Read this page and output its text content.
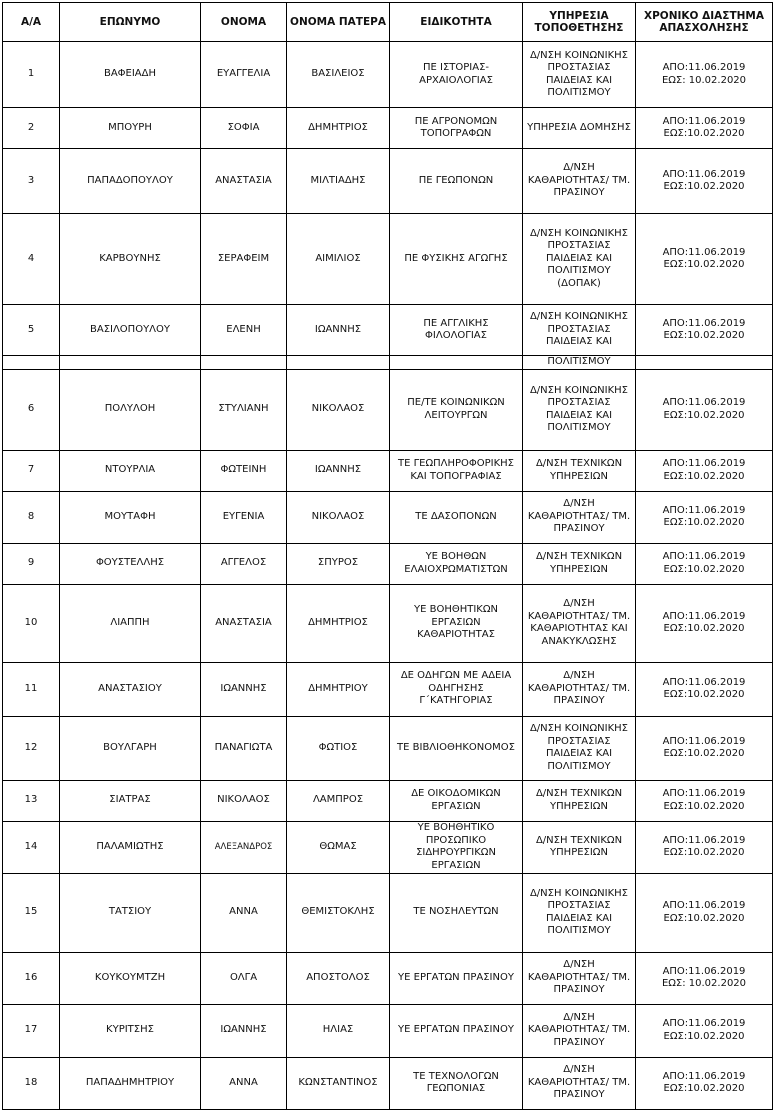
Α/Α	ΕΠΩΝΥΜΟ	ΟΝΟΜΑ	ΟΝΟΜΑ ΠΑΤΕΡΑ	ΕΙΔΙΚΟΤΗΤΑ	ΥΠΗΡΕΣΙΑ ΤΟΠΟΘΕΤΗΣΗΣ	ΧΡΟΝΙΚΟ ΔΙΑΣΤΗΜΑ ΑΠΑΣΧΟΛΗΣΗΣ
1	ΒΑΦΕΙΑΔΗ	ΕΥΑΓΓΕΛΙΑ	ΒΑΣΙΛΕΙΟΣ	ΠΕ ΙΣΤΟΡΙΑΣ-ΑΡΧΑΙΟΛΟΓΙΑΣ	Δ/ΝΣΗ ΚΟΙΝΩΝΙΚΗΣ ΠΡΟΣΤΑΣΙΑΣ ΠΑΙΔΕΙΑΣ ΚΑΙ ΠΟΛΙΤΙΣΜΟΥ	ΑΠΟ:11.06.2019
ΕΩΣ: 10.02.2020

2	ΜΠΟΥΡΗ	ΣΟΦΙΑ	ΔΗΜΗΤΡΙΟΣ	ΠΕ ΑΓΡΟΝΟΜΩΝ ΤΟΠΟΓΡΑΦΩΝ	ΥΠΗΡΕΣΙΑ ΔΟΜΗΣΗΣ	ΑΠΟ:11.06.2019
ΕΩΣ:10.02.2020

3	ΠΑΠΑΔΟΠΟΥΛΟΥ	ΑΝΑΣΤΑΣΙΑ	ΜΙΛΤΙΑΔΗΣ	ΠΕ ΓΕΩΠΟΝΩΝ	Δ/ΝΣΗ ΚΑΘΑΡΙΟΤΗΤΑΣ/ ΤΜ. ΠΡΑΣΙΝΟΥ	ΑΠΟ:11.06.2019
ΕΩΣ:10.02.2020

4	ΚΑΡΒΟΥΝΗΣ	ΣΕΡΑΦΕΙΜ	ΑΙΜΙΛΙΟΣ	ΠΕ ΦΥΣΙΚΗΣ ΑΓΩΓΗΣ	Δ/ΝΣΗ ΚΟΙΝΩΝΙΚΗΣ ΠΡΟΣΤΑΣΙΑΣ ΠΑΙΔΕΙΑΣ ΚΑΙ ΠΟΛΙΤΙΣΜΟΥ (ΔΟΠΑΚ)	ΑΠΟ:11.06.2019
ΕΩΣ:10.02.2020

5	ΒΑΣΙΛΟΠΟΥΛΟΥ	ΕΛΕΝΗ	ΙΩΑΝΝΗΣ	ΠΕ ΑΓΓΛΙΚΗΣ ΦΙΛΟΛΟΓΙΑΣ	Δ/ΝΣΗ ΚΟΙΝΩΝΙΚΗΣ ΠΡΟΣΤΑΣΙΑΣ ΠΑΙΔΕΙΑΣ ΚΑΙ	ΑΠΟ:11.06.2019
ΕΩΣ:10.02.2020

					ΠΟΛΙΤΙΣΜΟΥ	

6	ΠΟΛΥΛΟΗ	ΣΤΥΛΙΑΝΗ	ΝΙΚΟΛΑΟΣ	ΠΕ/ΤΕ ΚΟΙΝΩΝΙΚΩΝ ΛΕΙΤΟΥΡΓΩΝ	Δ/ΝΣΗ ΚΟΙΝΩΝΙΚΗΣ ΠΡΟΣΤΑΣΙΑΣ ΠΑΙΔΕΙΑΣ ΚΑΙ ΠΟΛΙΤΙΣΜΟΥ	ΑΠΟ:11.06.2019
ΕΩΣ:10.02.2020

7	ΝΤΟΥΡΛΙΑ	ΦΩΤΕΙΝΗ	ΙΩΑΝΝΗΣ	ΤΕ ΓΕΩΠΛΗΡΟΦΟΡΙΚΗΣ ΚΑΙ ΤΟΠΟΓΡΑΦΙΑΣ	Δ/ΝΣΗ ΤΕΧΝΙΚΩΝ ΥΠΗΡΕΣΙΩΝ	ΑΠΟ:11.06.2019
ΕΩΣ:10.02.2020

8	ΜΟΥΤΑΦΗ	ΕΥΓΕΝΙΑ	ΝΙΚΟΛΑΟΣ	ΤΕ ΔΑΣΟΠΟΝΩΝ	Δ/ΝΣΗ ΚΑΘΑΡΙΟΤΗΤΑΣ/ ΤΜ. ΠΡΑΣΙΝΟΥ	ΑΠΟ:11.06.2019
ΕΩΣ:10.02.2020

9	ΦΟΥΣΤΕΛΛΗΣ	ΑΓΓΕΛΟΣ	ΣΠΥΡΟΣ	ΥΕ ΒΟΗΘΩΝ ΕΛΑΙΟΧΡΩΜΑΤΙΣΤΩΝ	Δ/ΝΣΗ ΤΕΧΝΙΚΩΝ ΥΠΗΡΕΣΙΩΝ	ΑΠΟ:11.06.2019
ΕΩΣ:10.02.2020

10	ΛΙΑΠΠΗ	ΑΝΑΣΤΑΣΙΑ	ΔΗΜΗΤΡΙΟΣ	ΥΕ ΒΟΗΘΗΤΙΚΩΝ ΕΡΓΑΣΙΩΝ ΚΑΘΑΡΙΟΤΗΤΑΣ	Δ/ΝΣΗ ΚΑΘΑΡΙΟΤΗΤΑΣ/ ΤΜ. ΚΑΘΑΡΙΟΤΗΤΑΣ ΚΑΙ ΑΝΑΚΥΚΛΩΣΗΣ	ΑΠΟ:11.06.2019
ΕΩΣ:10.02.2020

11	ΑΝΑΣΤΑΣΙΟΥ	ΙΩΑΝΝΗΣ	ΔΗΜΗΤΡΙΟΥ	ΔΕ ΟΔΗΓΩΝ ΜΕ ΑΔΕΙΑ ΟΔΗΓΗΣΗΣ Γ΄ΚΑΤΗΓΟΡΙΑΣ	Δ/ΝΣΗ ΚΑΘΑΡΙΟΤΗΤΑΣ/ ΤΜ. ΠΡΑΣΙΝΟΥ	ΑΠΟ:11.06.2019
ΕΩΣ:10.02.2020

12	ΒΟΥΛΓΑΡΗ	ΠΑΝΑΓΙΩΤΑ	ΦΩΤΙΟΣ	ΤΕ ΒΙΒΛΙΟΘΗΚΟΝΟΜΟΣ	Δ/ΝΣΗ ΚΟΙΝΩΝΙΚΗΣ ΠΡΟΣΤΑΣΙΑΣ ΠΑΙΔΕΙΑΣ ΚΑΙ ΠΟΛΙΤΙΣΜΟΥ	ΑΠΟ:11.06.2019
ΕΩΣ:10.02.2020

13	ΣΙΑΤΡΑΣ	ΝΙΚΟΛΑΟΣ	ΛΑΜΠΡΟΣ	ΔΕ ΟΙΚΟΔΟΜΙΚΩΝ ΕΡΓΑΣΙΩΝ	Δ/ΝΣΗ ΤΕΧΝΙΚΩΝ ΥΠΗΡΕΣΙΩΝ	ΑΠΟ:11.06.2019
ΕΩΣ:10.02.2020

14	ΠΑΛΑΜΙΩΤΗΣ	ΑΛΕΞΑΝΔΡΟΣ	ΘΩΜΑΣ	ΥΕ ΒΟΗΘΗΤΙΚΟ ΠΡΟΣΩΠΙΚΟ ΣΙΔΗΡΟΥΡΓΙΚΩΝ ΕΡΓΑΣΙΩΝ	Δ/ΝΣΗ ΤΕΧΝΙΚΩΝ ΥΠΗΡΕΣΙΩΝ	ΑΠΟ:11.06.2019
ΕΩΣ:10.02.2020

15	ΤΑΤΣΙΟΥ	ΑΝΝΑ	ΘΕΜΙΣΤΟΚΛΗΣ	ΤΕ ΝΟΣΗΛΕΥΤΩΝ	Δ/ΝΣΗ ΚΟΙΝΩΝΙΚΗΣ ΠΡΟΣΤΑΣΙΑΣ ΠΑΙΔΕΙΑΣ ΚΑΙ ΠΟΛΙΤΙΣΜΟΥ	ΑΠΟ:11.06.2019
ΕΩΣ:10.02.2020

16	ΚΟΥΚΟΥΜΤΖΗ	ΟΛΓΑ	ΑΠΟΣΤΟΛΟΣ	ΥΕ ΕΡΓΑΤΩΝ ΠΡΑΣΙΝΟΥ	Δ/ΝΣΗ ΚΑΘΑΡΙΟΤΗΤΑΣ/ ΤΜ. ΠΡΑΣΙΝΟΥ	ΑΠΟ:11.06.2019
ΕΩΣ: 10.02.2020

17	ΚΥΡΙΤΣΗΣ	ΙΩΑΝΝΗΣ	ΗΛΙΑΣ	ΥΕ ΕΡΓΑΤΩΝ ΠΡΑΣΙΝΟΥ	Δ/ΝΣΗ ΚΑΘΑΡΙΟΤΗΤΑΣ/ ΤΜ. ΠΡΑΣΙΝΟΥ	ΑΠΟ:11.06.2019
ΕΩΣ:10.02.2020

18	ΠΑΠΑΔΗΜΗΤΡΙΟΥ	ΑΝΝΑ	ΚΩΝΣΤΑΝΤΙΝΟΣ	ΤΕ ΤΕΧΝΟΛΟΓΩΝ ΓΕΩΠΟΝΙΑΣ	Δ/ΝΣΗ ΚΑΘΑΡΙΟΤΗΤΑΣ/ ΤΜ. ΠΡΑΣΙΝΟΥ	ΑΠΟ:11.06.2019
ΕΩΣ:10.02.2020
